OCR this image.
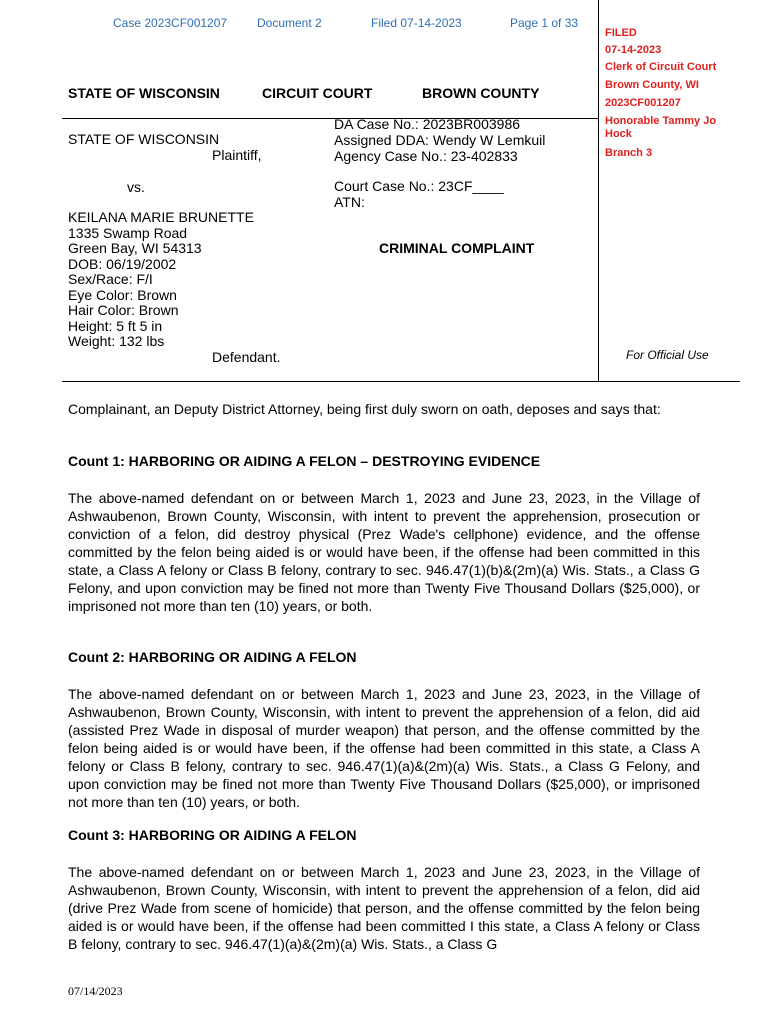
Case 2023CF001207 Document 2	Filed 07-14-2023	Page 1 of 33
FILED
07-14-2023
Clerk of Circuit Court
Brown County, WI
2023CF001207
Honorable Tammy Jo
Hock
Branch 3
For Official Use
STATE OF WISCONSIN	CIRCUIT COURT	BROWN COUNTY
STATE OF WISCONSIN
Plaintiff,
vs.
KEILANA MARIE BRUNETTE
1335 Swamp Road
Green Bay, WI 54313
DOB: 06/19/2002
Sex/Race: F/I
Eye Color: Brown
Hair Color: Brown
Height: 5 ft 5 in
Weight: 132 lbs
Defendant.
DA Case No.: 2023BR003986
Assigned DDA: Wendy W Lemkuil
Agency Case No.: 23-402833
Court Case No.: 23CF____
ATN:
CRIMINAL COMPLAINT
Complainant, an Deputy District Attorney, being first duly sworn on oath, deposes and says that:
Count 1: HARBORING OR AIDING A FELON – DESTROYING EVIDENCE
The above-named defendant on or between March 1, 2023 and June 23, 2023, in the Village of Ashwaubenon, Brown County, Wisconsin, with intent to prevent the apprehension, prosecution or conviction of a felon, did destroy physical (Prez Wade's cellphone) evidence, and the offense committed by the felon being aided is or would have been, if the offense had been committed in this state, a Class A felony or Class B felony, contrary to sec. 946.47(1)(b)&(2m)(a) Wis. Stats., a Class G Felony, and upon conviction may be fined not more than Twenty Five Thousand Dollars ($25,000), or imprisoned not more than ten (10) years, or both.
Count 2: HARBORING OR AIDING A FELON
The above-named defendant on or between March 1, 2023 and June 23, 2023, in the Village of Ashwaubenon, Brown County, Wisconsin, with intent to prevent the apprehension of a felon, did aid (assisted Prez Wade in disposal of murder weapon) that person, and the offense committed by the felon being aided is or would have been, if the offense had been committed in this state, a Class A felony or Class B felony, contrary to sec. 946.47(1)(a)&(2m)(a) Wis. Stats., a Class G Felony, and upon conviction may be fined not more than Twenty Five Thousand Dollars ($25,000), or imprisoned not more than ten (10) years, or both.
Count 3: HARBORING OR AIDING A FELON
The above-named defendant on or between March 1, 2023 and June 23, 2023, in the Village of Ashwaubenon, Brown County, Wisconsin, with intent to prevent the apprehension of a felon, did aid (drive Prez Wade from scene of homicide) that person, and the offense committed by the felon being aided is or would have been, if the offense had been committed I this state, a Class A felony or Class B felony, contrary to sec. 946.47(1)(a)&(2m)(a) Wis. Stats., a Class G
07/14/2023
